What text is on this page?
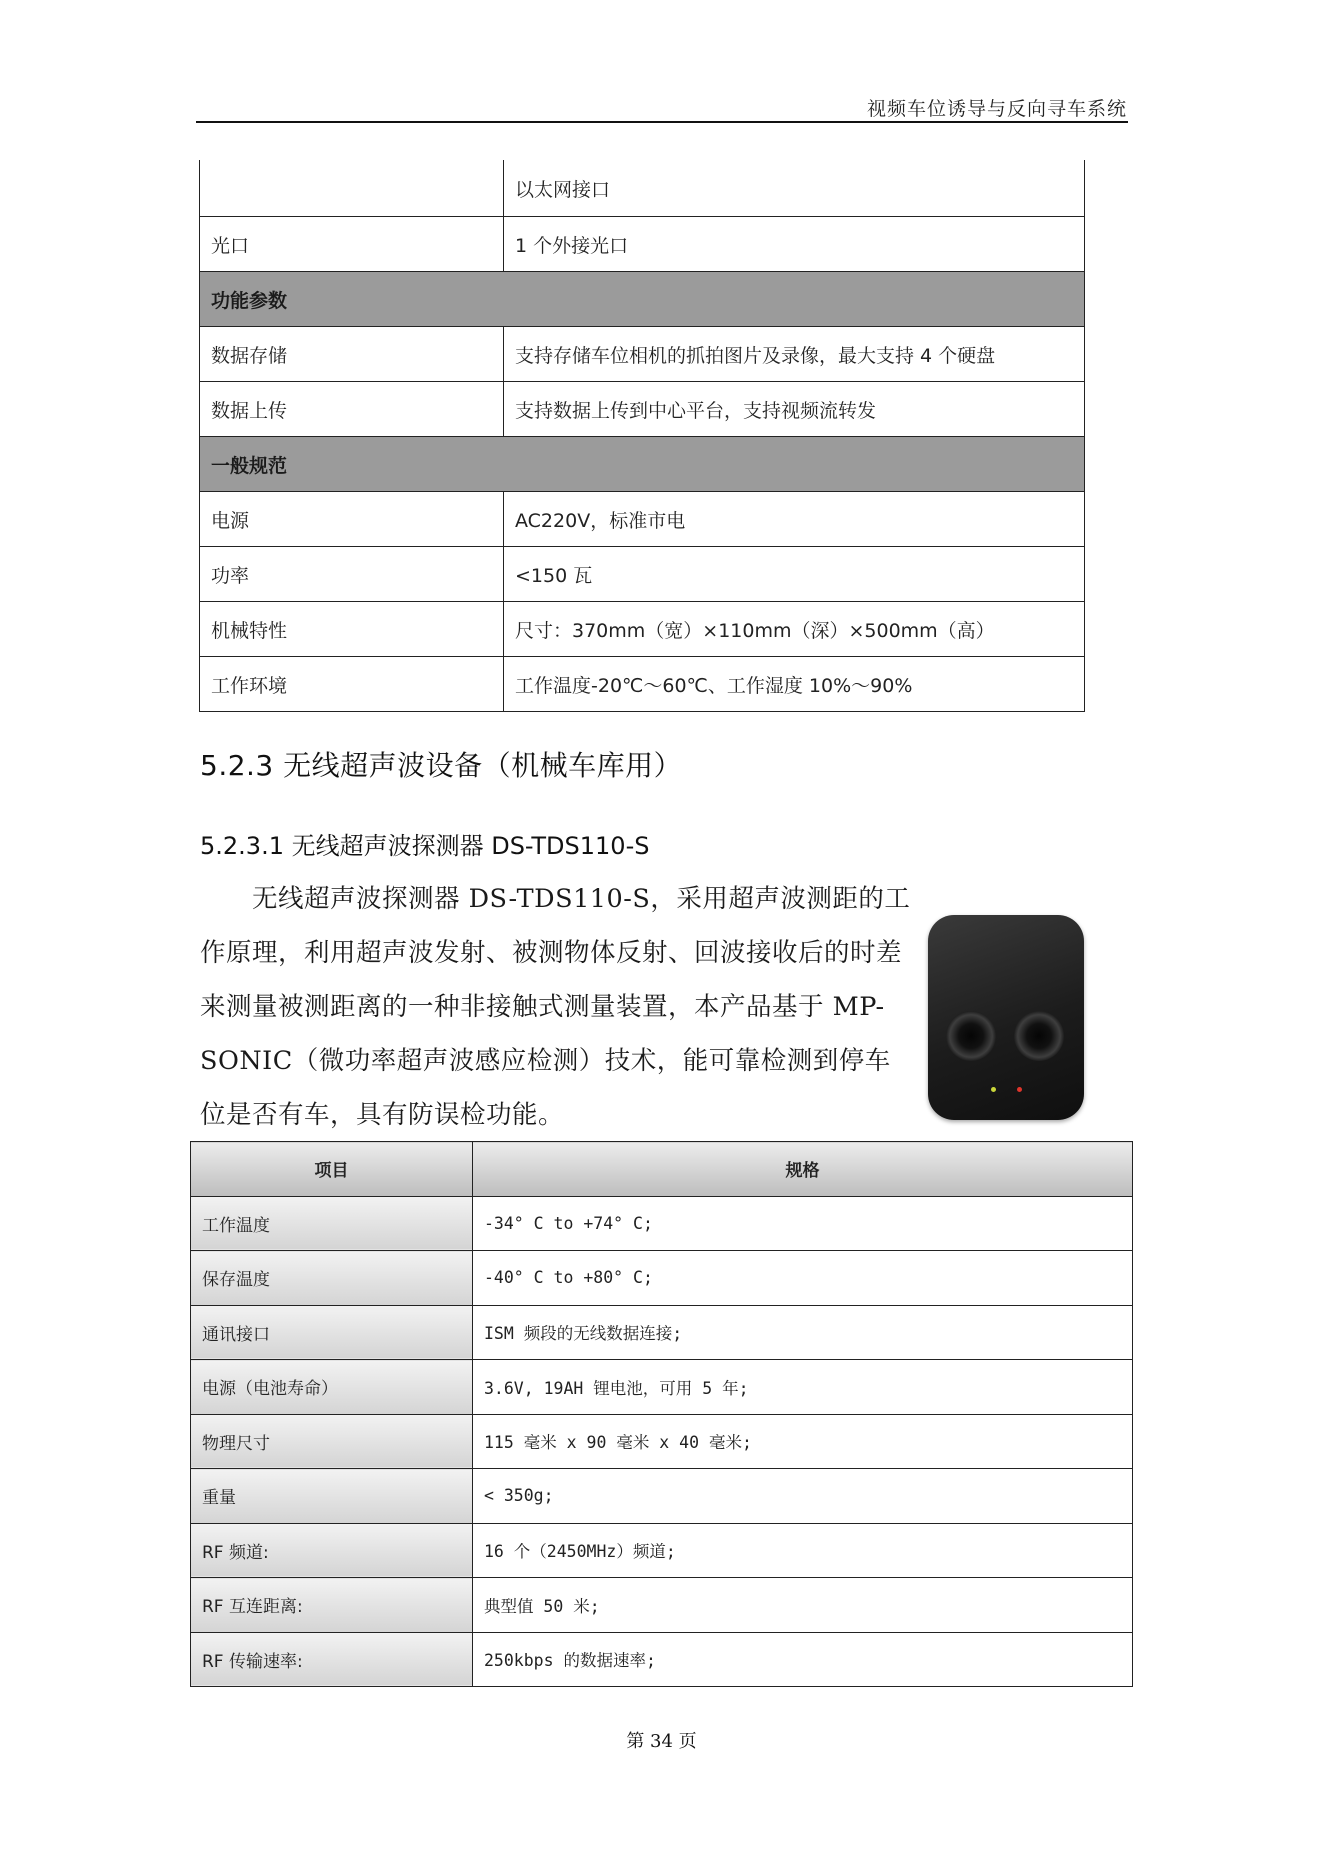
视频车位诱导与反向寻车系统
	以太网接口
光口	1 个外接光口
功能参数	
数据存储	支持存储车位相机的抓拍图片及录像，最大支持 4 个硬盘
数据上传	支持数据上传到中心平台，支持视频流转发
一般规范	
电源	AC220V，标准市电
功率	<150 瓦
机械特性	尺寸：370mm（宽）×110mm（深）×500mm（高）
工作环境	工作温度-20℃～60℃、工作湿度 10%～90%
5.2.3 无线超声波设备（机械车库用）
5.2.3.1 无线超声波探测器 DS-TDS110-S

无线超声波探测器 DS-TDS110-S，采用超声波测距的工作原理，利用超声波发射、被测物体反射、回波接收后的时差来测量被测距离的一种非接触式测量装置，本产品基于 MP-SONIC（微功率超声波感应检测）技术，能可靠检测到停车位是否有车，具有防误检功能。

项目	规格
工作温度	-34° C to +74° C;
保存温度	-40° C to +80° C;
通讯接口	ISM 频段的无线数据连接;
电源（电池寿命）	3.6V, 19AH 锂电池，可用 5 年;
物理尺寸	115 毫米 x 90 毫米 x 40 毫米;
重量	< 350g;
RF 频道:	16 个（2450MHz）频道;
RF 互连距离:	典型值 50 米;
RF 传输速率:	250kbps 的数据速率;
第 34 页
